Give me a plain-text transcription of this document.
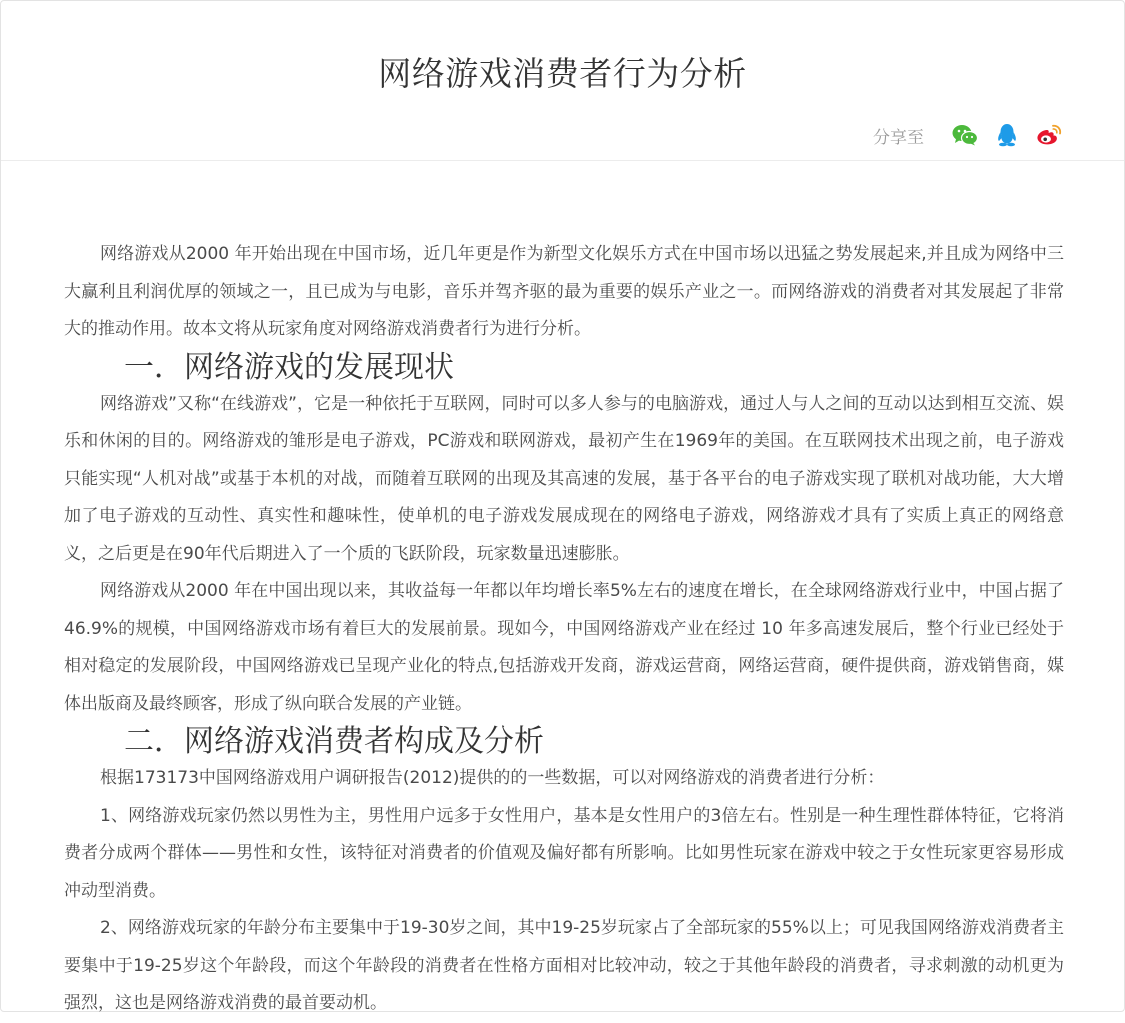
网络游戏消费者行为分析
分享至

网络游戏从2000 年开始出现在中国市场，近几年更是作为新型文化娱乐方式在中国市场以迅猛之势发展起来,并且成为网络中三大赢利且利润优厚的领域之一，且已成为与电影，音乐并驾齐驱的最为重要的娱乐产业之一。而网络游戏的消费者对其发展起了非常大的推动作用。故本文将从玩家角度对网络游戏消费者行为进行分析。

一．网络游戏的发展现状

网络游戏”又称“在线游戏”，它是一种依托于互联网，同时可以多人参与的电脑游戏，通过人与人之间的互动以达到相互交流、娱乐和休闲的目的。网络游戏的雏形是电子游戏，PC游戏和联网游戏，最初产生在1969年的美国。在互联网技术出现之前，电子游戏只能实现“人机对战”或基于本机的对战，而随着互联网的出现及其高速的发展，基于各平台的电子游戏实现了联机对战功能，大大增加了电子游戏的互动性、真实性和趣味性，使单机的电子游戏发展成现在的网络电子游戏，网络游戏才具有了实质上真正的网络意义，之后更是在90年代后期进入了一个质的飞跃阶段，玩家数量迅速膨胀。

网络游戏从2000 年在中国出现以来，其收益每一年都以年均增长率5%左右的速度在增长，在全球网络游戏行业中，中国占据了46.9%的规模，中国网络游戏市场有着巨大的发展前景。现如今，中国网络游戏产业在经过 10 年多高速发展后，整个行业已经处于相对稳定的发展阶段，中国网络游戏已呈现产业化的特点,包括游戏开发商，游戏运营商，网络运营商，硬件提供商，游戏销售商，媒体出版商及最终顾客，形成了纵向联合发展的产业链。

二．网络游戏消费者构成及分析

根据173173中国网络游戏用户调研报告(2012)提供的的一些数据，可以对网络游戏的消费者进行分析：

1、网络游戏玩家仍然以男性为主，男性用户远多于女性用户，基本是女性用户的3倍左右。性别是一种生理性群体特征，它将消费者分成两个群体——男性和女性，该特征对消费者的价值观及偏好都有所影响。比如男性玩家在游戏中较之于女性玩家更容易形成冲动型消费。

2、网络游戏玩家的年龄分布主要集中于19-30岁之间，其中19-25岁玩家占了全部玩家的55%以上；可见我国网络游戏消费者主要集中于19-25岁这个年龄段，而这个年龄段的消费者在性格方面相对比较冲动，较之于其他年龄段的消费者，寻求刺激的动机更为强烈，这也是网络游戏消费的最首要动机。
